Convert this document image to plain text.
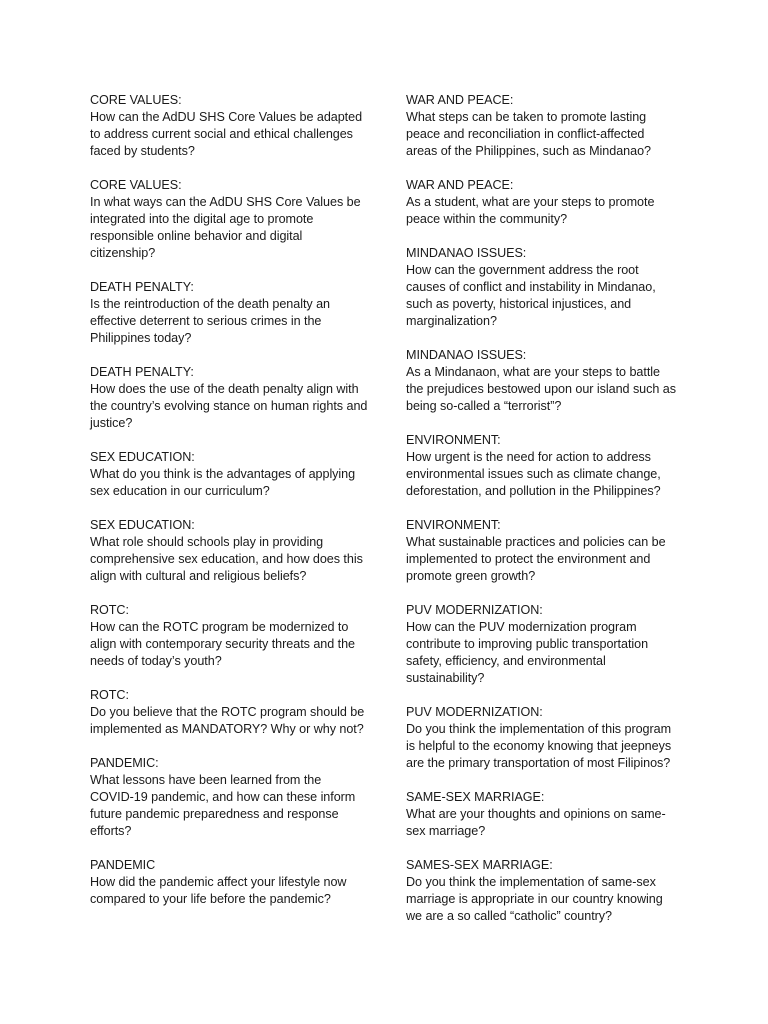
CORE VALUES:
How can the AdDU SHS Core Values be adapted to address current social and ethical challenges faced by students?
CORE VALUES:
In what ways can the AdDU SHS Core Values be integrated into the digital age to promote responsible online behavior and digital citizenship?
DEATH PENALTY:
Is the reintroduction of the death penalty an effective deterrent to serious crimes in the Philippines today?
DEATH PENALTY:
How does the use of the death penalty align with the country’s evolving stance on human rights and justice?
SEX EDUCATION:
What do you think is the advantages of applying sex education in our curriculum?
SEX EDUCATION:
What role should schools play in providing comprehensive sex education, and how does this align with cultural and religious beliefs?
ROTC:
How can the ROTC program be modernized to align with contemporary security threats and the needs of today’s youth?
ROTC:
Do you believe that the ROTC program should be implemented as MANDATORY? Why or why not?
PANDEMIC:
What lessons have been learned from the COVID-19 pandemic, and how can these inform future pandemic preparedness and response efforts?
PANDEMIC
How did the pandemic affect your lifestyle now compared to your life before the pandemic?
WAR AND PEACE:
What steps can be taken to promote lasting peace and reconciliation in conflict-affected areas of the Philippines, such as Mindanao?
WAR AND PEACE:
As a student, what are your steps to promote peace within the community?
MINDANAO ISSUES:
How can the government address the root causes of conflict and instability in Mindanao, such as poverty, historical injustices, and marginalization?
MINDANAO ISSUES:
As a Mindanaon, what are your steps to battle the prejudices bestowed upon our island such as being so-called a “terrorist”?
ENVIRONMENT:
How urgent is the need for action to address environmental issues such as climate change, deforestation, and pollution in the Philippines?
ENVIRONMENT:
What sustainable practices and policies can be implemented to protect the environment and promote green growth?
PUV MODERNIZATION:
How can the PUV modernization program contribute to improving public transportation safety, efficiency, and environmental sustainability?
PUV MODERNIZATION:
Do you think the implementation of this program is helpful to the economy knowing that jeepneys are the primary transportation of most Filipinos?
SAME-SEX MARRIAGE:
What are your thoughts and opinions on same-sex marriage?
SAMES-SEX MARRIAGE:
Do you think the implementation of same-sex marriage is appropriate in our country knowing we are a so called “catholic” country?
